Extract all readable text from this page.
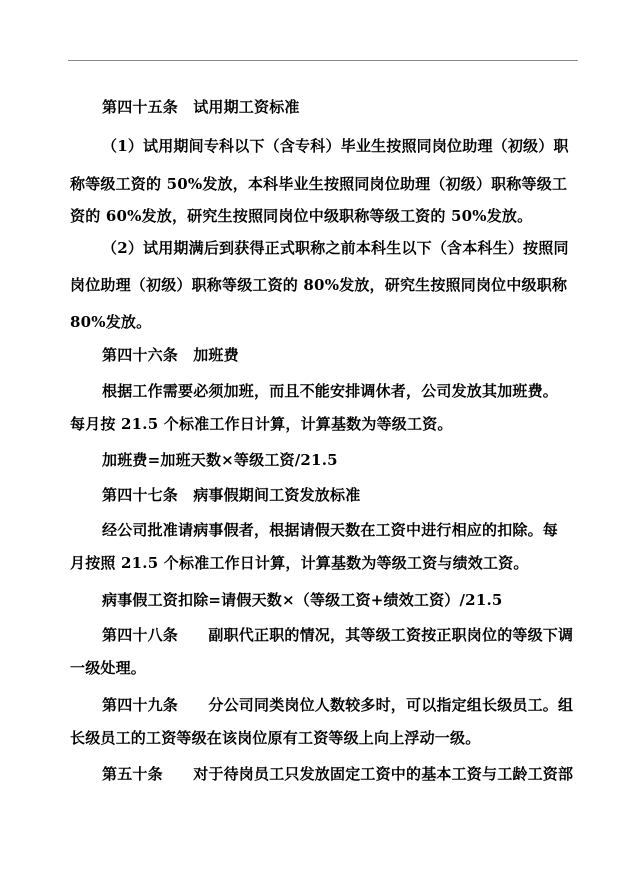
第四十五条　试用期工资标准
（1）试用期间专科以下（含专科）毕业生按照同岗位助理（初级）职
称等级工资的 50%发放，本科毕业生按照同岗位助理（初级）职称等级工
资的 60%发放，研究生按照同岗位中级职称等级工资的 50%发放。
（2）试用期满后到获得正式职称之前本科生以下（含本科生）按照同
岗位助理（初级）职称等级工资的 80%发放，研究生按照同岗位中级职称
80%发放。
第四十六条　加班费
根据工作需要必须加班，而且不能安排调休者，公司发放其加班费。
每月按 21.5 个标准工作日计算，计算基数为等级工资。
加班费=加班天数×等级工资/21.5
第四十七条　病事假期间工资发放标准
经公司批准请病事假者，根据请假天数在工资中进行相应的扣除。每
月按照 21.5 个标准工作日计算，计算基数为等级工资与绩效工资。
病事假工资扣除=请假天数×（等级工资+绩效工资）/21.5
第四十八条　　副职代正职的情况，其等级工资按正职岗位的等级下调
一级处理。
第四十九条　　分公司同类岗位人数较多时，可以指定组长级员工。组
长级员工的工资等级在该岗位原有工资等级上向上浮动一级。
第五十条　　对于待岗员工只发放固定工资中的基本工资与工龄工资部
